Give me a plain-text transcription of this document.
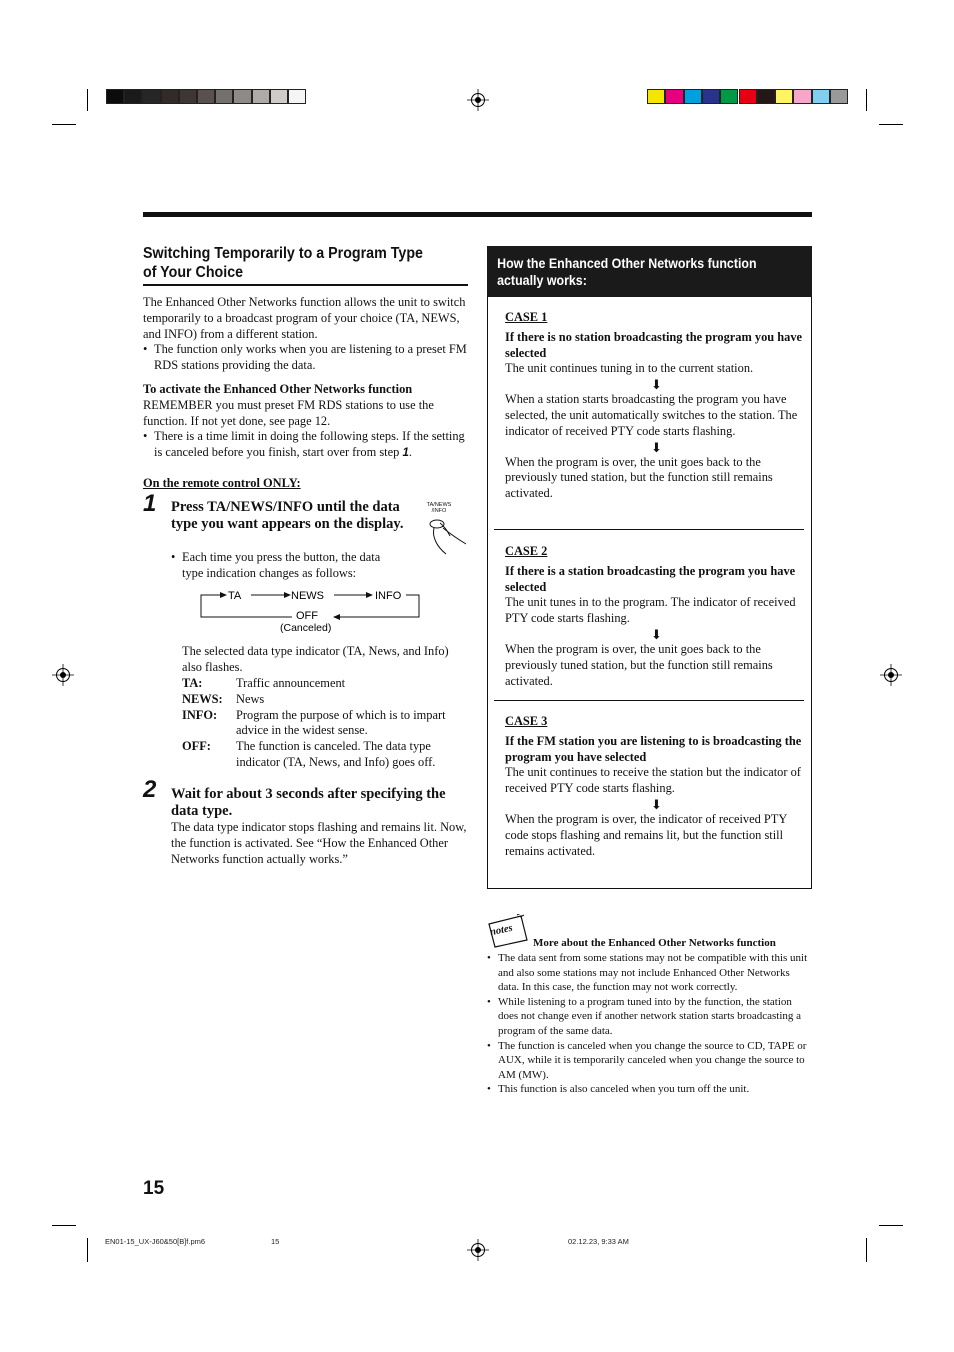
Switching Temporarily to a Program Type of Your Choice
The Enhanced Other Networks function allows the unit to switch temporarily to a broadcast program of your choice (TA, NEWS, and INFO) from a different station.
• The function only works when you are listening to a preset FM RDS stations providing the data.
To activate the Enhanced Other Networks function
REMEMBER you must preset FM RDS stations to use the function. If not yet done, see page 12.
• There is a time limit in doing the following steps. If the setting is canceled before you finish, start over from step 1.
On the remote control ONLY:
1 Press TA/NEWS/INFO until the data type you want appears on the display.
TA/NEWS
/INFO
• Each time you press the button, the data type indication changes as follows:
TA	NEWS	INFO
OFF
(Canceled)
The selected data type indicator (TA, News, and Info) also flashes.
TA:	Traffic announcement
NEWS:	News
INFO:	Program the purpose of which is to impart advice in the widest sense.
OFF:	The function is canceled. The data type indicator (TA, News, and Info) goes off.
2 Wait for about 3 seconds after specifying the data type.
The data type indicator stops flashing and remains lit. Now, the function is activated. See “How the Enhanced Other Networks function actually works.”
How the Enhanced Other Networks function actually works:
CASE 1
If there is no station broadcasting the program you have selected
The unit continues tuning in to the current station.
⬇
When a station starts broadcasting the program you have selected, the unit automatically switches to the station. The indicator of received PTY code starts flashing.
⬇
When the program is over, the unit goes back to the previously tuned station, but the function still remains activated.
CASE 2
If there is a station broadcasting the program you have selected
The unit tunes in to the program. The indicator of received PTY code starts flashing.
⬇
When the program is over, the unit goes back to the previously tuned station, but the function still remains activated.
CASE 3
If the FM station you are listening to is broadcasting the program you have selected
The unit continues to receive the station but the indicator of received PTY code starts flashing.
⬇
When the program is over, the indicator of received PTY code stops flashing and remains lit, but the function still remains activated.
notes
More about the Enhanced Other Networks function
• The data sent from some stations may not be compatible with this unit and also some stations may not include Enhanced Other Networks data. In this case, the function may not work correctly.
• While listening to a program tuned into by the function, the station does not change even if another network station starts broadcasting a program of the same data.
• The function is canceled when you change the source to CD, TAPE or AUX, while it is temporarily canceled when you change the source to AM (MW).
• This function is also canceled when you turn off the unit.
15
EN01-15_UX-J60&50[B]f.pm6	15	02.12.23, 9:33 AM
